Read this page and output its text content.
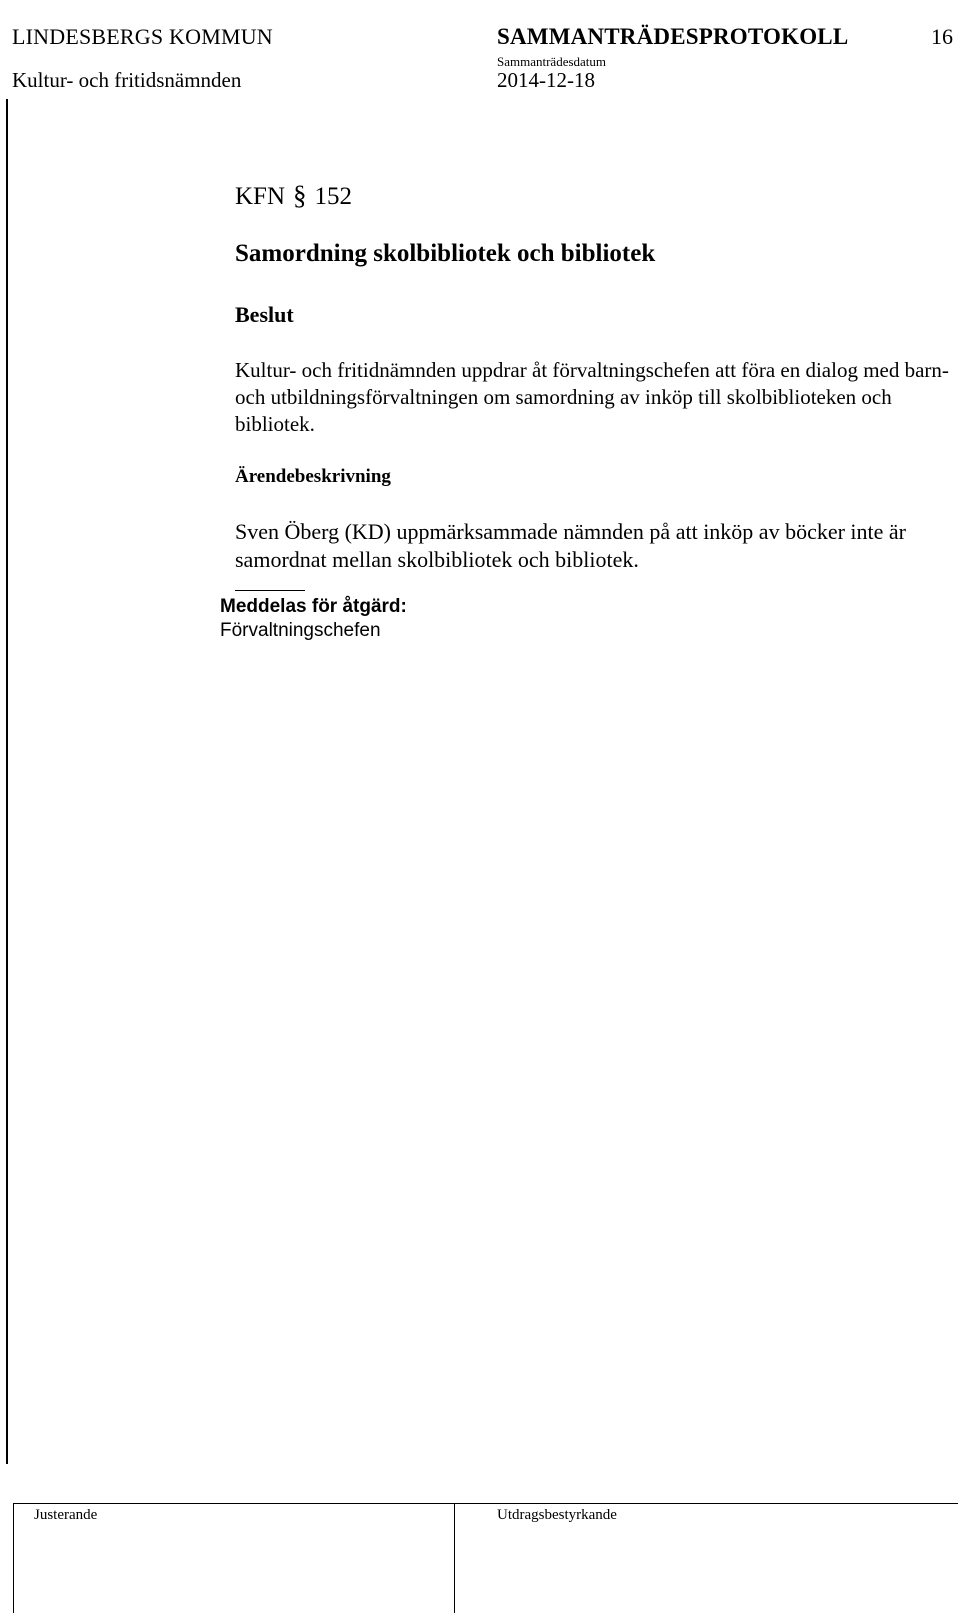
LINDESBERGS KOMMUN	SAMMANTRÄDESPROTOKOLL	16
Kultur- och fritidsnämnden
Sammanträdesdatum
2014-12-18
KFN § 152
Samordning skolbibliotek och bibliotek
Beslut
Kultur- och fritidnämnden uppdrar åt förvaltningschefen att föra en dialog med barn- och utbildningsförvaltningen om samordning av inköp till skolbiblioteken och bibliotek.
Ärendebeskrivning
Sven Öberg (KD) uppmärksammade nämnden på att inköp av böcker inte är samordnat mellan skolbibliotek och bibliotek.
Meddelas för åtgärd:
Förvaltningschefen
Justerande	Utdragsbestyrkande
